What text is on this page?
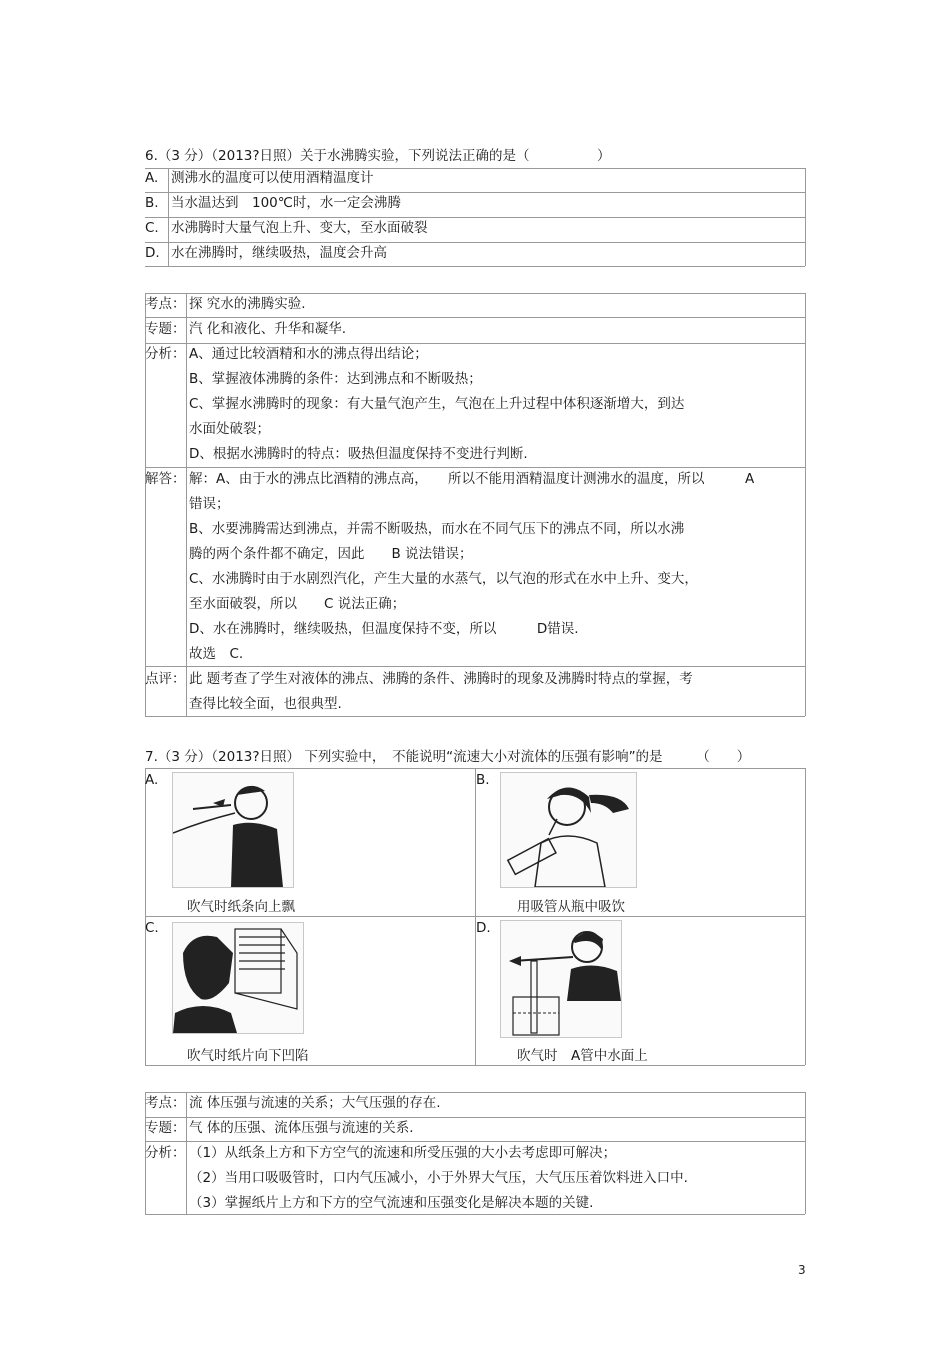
6.（3 分）（2013?日照）关于水沸腾实验，下列说法正确的是（　　　　　）
A. 测沸水的温度可以使用酒精温度计
B. 当水温达到　100℃时，水一定会沸腾
C. 水沸腾时大量气泡上升、变大，至水面破裂
D. 水在沸腾时，继续吸热，温度会升高
考点： 探 究水的沸腾实验.
专题： 汽 化和液化、升华和凝华.
分析： A、通过比较酒精和水的沸点得出结论；
B、掌握液体沸腾的条件：达到沸点和不断吸热；
C、掌握水沸腾时的现象：有大量气泡产生，气泡在上升过程中体积逐渐增大，到达
水面处破裂；
D、根据水沸腾时的特点：吸热但温度保持不变进行判断.
解答： 解：A、由于水的沸点比酒精的沸点高，　　所以不能用酒精温度计测沸水的温度，所以　　　A
错误；
B、水要沸腾需达到沸点，并需不断吸热，而水在不同气压下的沸点不同，所以水沸
腾的两个条件都不确定，因此　　B 说法错误；
C、水沸腾时由于水剧烈汽化，产生大量的水蒸气，以气泡的形式在水中上升、变大，
至水面破裂，所以　　C 说法正确；
D、水在沸腾时，继续吸热，但温度保持不变，所以　　　D错误.
故选　C.
点评： 此 题考查了学生对液体的沸点、沸腾的条件、沸腾时的现象及沸腾时特点的掌握，考
查得比较全面，也很典型.
7.（3 分）（2013?日照） 下列实验中，　不能说明“流速大小对流体的压强有影响”的是　　　（　　）
A.
吹气时纸条向上飘
B.
用吸管从瓶中吸饮
C.
吹气时纸片向下凹陷
D.
吹气时　A管中水面上
考点： 流 体压强与流速的关系；大气压强的存在.
专题： 气 体的压强、流体压强与流速的关系.
分析： （1）从纸条上方和下方空气的流速和所受压强的大小去考虑即可解决；
（2）当用口吸吸管时，口内气压减小，小于外界大气压，大气压压着饮料进入口中.
（3）掌握纸片上方和下方的空气流速和压强变化是解决本题的关键.
3
